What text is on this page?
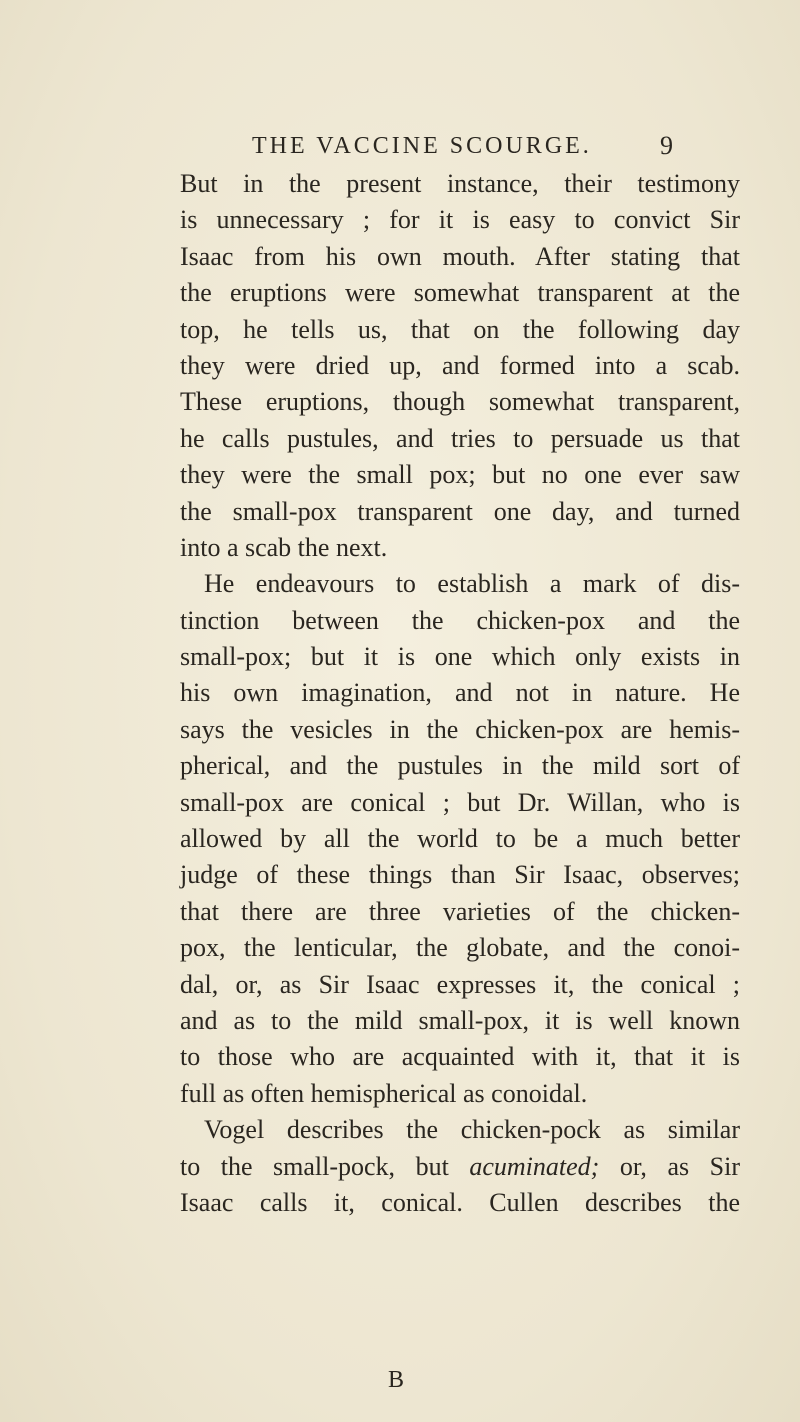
THE VACCINE SCOURGE.	9
But in the present instance, their testimony
is unnecessary ; for it is easy to convict Sir
Isaac from his own mouth. After stating that
the eruptions were somewhat transparent at the
top, he tells us, that on the following day
they were dried up, and formed into a scab.
These eruptions, though somewhat transparent,
he calls pustules, and tries to persuade us that
they were the small pox; but no one ever saw
the small-pox transparent one day, and turned
into a scab the next.
He endeavours to establish a mark of dis-
tinction between the chicken-pox and the
small-pox; but it is one which only exists in
his own imagination, and not in nature. He
says the vesicles in the chicken-pox are hemis-
pherical, and the pustules in the mild sort of
small-pox are conical ; but Dr. Willan, who is
allowed by all the world to be a much better
judge of these things than Sir Isaac, observes;
that there are three varieties of the chicken-
pox, the lenticular, the globate, and the conoi-
dal, or, as Sir Isaac expresses it, the conical ;
and as to the mild small-pox, it is well known
to those who are acquainted with it, that it is
full as often hemispherical as conoidal.
Vogel describes the chicken-pock as similar
to the small-pock, but acuminated; or, as Sir
Isaac calls it, conical. Cullen describes the
B
